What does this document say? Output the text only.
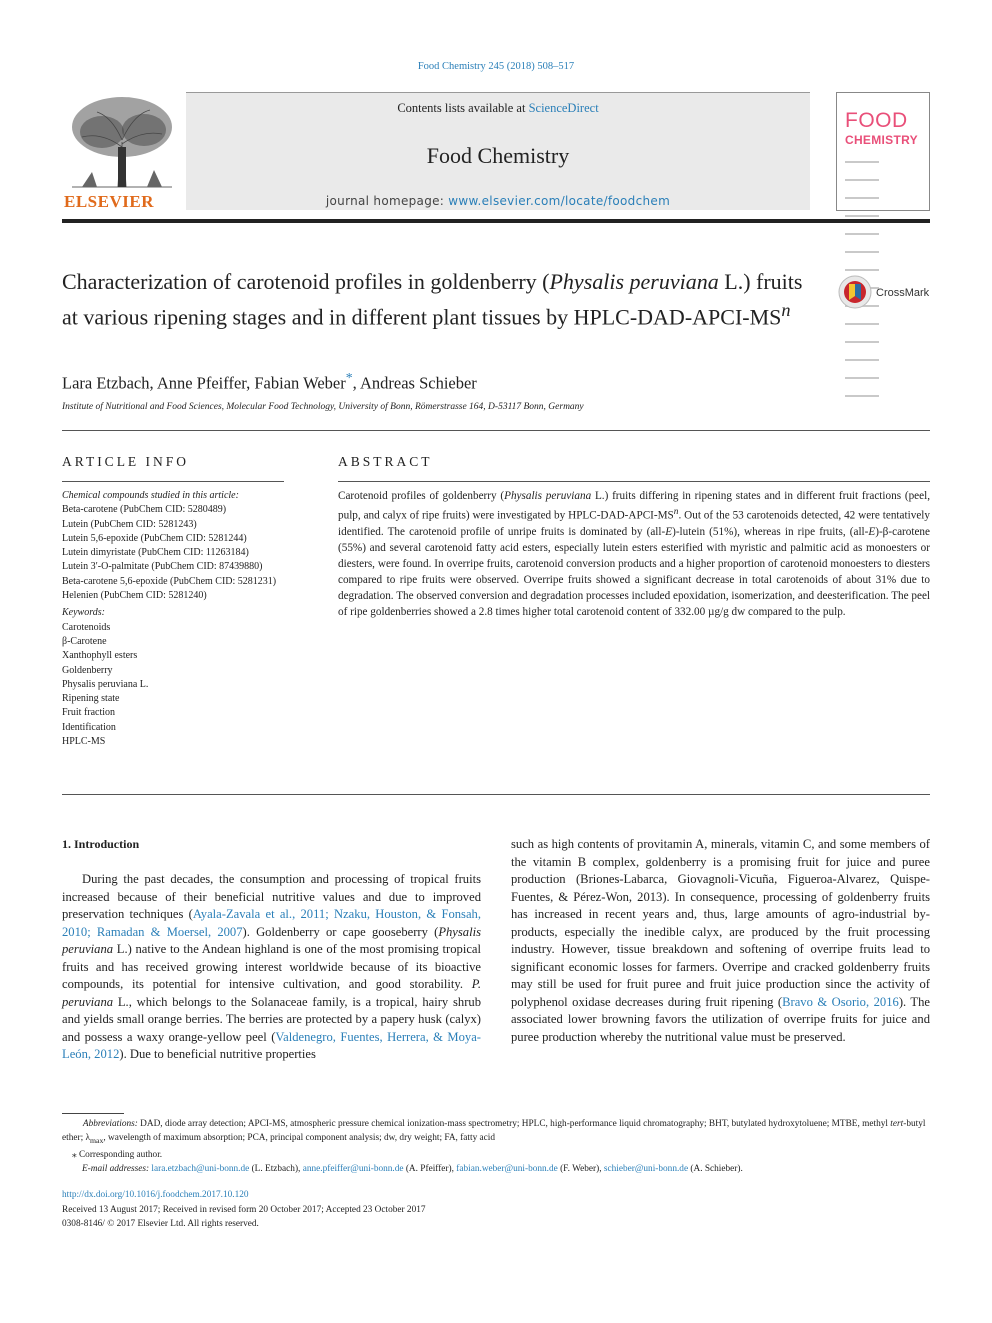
Food Chemistry 245 (2018) 508–517
ELSEVIER
Contents lists available at ScienceDirect
Food Chemistry
journal homepage: www.elsevier.com/locate/foodchem
FOOD
CHEMISTRY
Characterization of carotenoid profiles in goldenberry (Physalis peruviana L.) fruits at various ripening stages and in different plant tissues by HPLC-$DAD-APCI-MS^n$
CrossMark
Lara Etzbach, Anne Pfeiffer, Fabian Weber*, Andreas Schieber
Institute of Nutritional and Food Sciences, Molecular Food Technology, University of Bonn, Römerstrasse 164, D-53117 Bonn, Germany
ARTICLE INFO
Chemical compounds studied in this article:
Beta-carotene (PubChem CID: 5280489)
Lutein (PubChem CID: 5281243)
Lutein 5,6-epoxide (PubChem CID: 5281244)
Lutein dimyristate (PubChem CID: 11263184)
Lutein 3′-O-palmitate (PubChem CID: 87439880)
Beta-carotene 5,6-epoxide (PubChem CID: 5281231)
Helenien (PubChem CID: 5281240)
Keywords:
Carotenoids
β-Carotene
Xanthophyll esters
Goldenberry
Physalis peruviana L.
Ripening state
Fruit fraction
Identification
HPLC-MS
ABSTRACT
Carotenoid profiles of goldenberry (Physalis peruviana L.) fruits differing in ripening states and in different fruit fractions (peel, pulp, and calyx of ripe fruits) were investigated by HPLC-$DAD-APCI-MS^n$. Out of the 53 carotenoids detected, 42 were tentatively identified. The carotenoid profile of unripe fruits is dominated by (all-E)-lutein (51%), whereas in ripe fruits, (all-E)-β-carotene (55%) and several carotenoid fatty acid esters, especially lutein esters esterified with myristic and palmitic acid as monoesters or diesters, were found. In overripe fruits, carotenoid conversion products and a higher proportion of carotenoid monoesters to diesters compared to ripe fruits were observed. Overripe fruits showed a significant decrease in total carotenoids of about 31% due to degradation. The observed conversion and degradation processes included epoxidation, isomerization, and deesterification. The peel of ripe goldenberries showed a 2.8 times higher total carotenoid content of 332.00 µg/g dw compared to the pulp.
1. Introduction

During the past decades, the consumption and processing of tropical fruits increased because of their beneficial nutritive values and due to improved preservation techniques (Ayala-Zavala et al., 2011; Nzaku, Houston, & Fonsah, 2010; Ramadan & Moersel, 2007). Goldenberry or cape gooseberry (Physalis peruviana L.) native to the Andean highland is one of the most promising tropical fruits and has received growing interest worldwide because of its bioactive compounds, its potential for intensive cultivation, and good storability. P. peruviana L., which belongs to the Solanaceae family, is a tropical, hairy shrub and yields small orange berries. The berries are protected by a papery husk (calyx) and possess a waxy orange-yellow peel (Valdenegro, Fuentes, Herrera, & Moya-León, 2012). Due to beneficial nutritive properties

such as high contents of provitamin A, minerals, vitamin C, and some members of the vitamin B complex, goldenberry is a promising fruit for juice and puree production (Briones-Labarca, Giovagnoli-Vicuña, Figueroa-Alvarez, Quispe-Fuentes, & Pérez-Won, 2013). In consequence, processing of goldenberry fruits has increased in recent years and, thus, large amounts of agro-industrial by-products, especially the inedible calyx, are produced by the fruit processing industry. However, tissue breakdown and softening of overripe fruits lead to significant economic losses for farmers. Overripe and cracked goldenberry fruits may still be used for fruit puree and fruit juice production since the activity of polyphenol oxidase decreases during fruit ripening (Bravo & Osorio, 2016). The associated lower browning favors the utilization of overripe fruits for juice and puree production whereby the nutritional value must be preserved.

Abbreviations: DAD, diode array detection; APCI-MS, atmospheric pressure chemical ionization-mass spectrometry; HPLC, high-performance liquid chromatography; BHT, butylated hydroxytoluene; MTBE, methyl tert-butyl ether; $\lambda_{max}$, wavelength of maximum absorption; PCA, principal component analysis; dw, dry weight; FA, fatty acid
⁎ Corresponding author.
E-mail addresses: lara.etzbach@uni-bonn.de (L. Etzbach), anne.pfeiffer@uni-bonn.de (A. Pfeiffer), fabian.weber@uni-bonn.de (F. Weber), schieber@uni-bonn.de (A. Schieber).
http://dx.doi.org/10.1016/j.foodchem.2017.10.120
Received 13 August 2017; Received in revised form 20 October 2017; Accepted 23 October 2017
0308-8146/ © 2017 Elsevier Ltd. All rights reserved.
